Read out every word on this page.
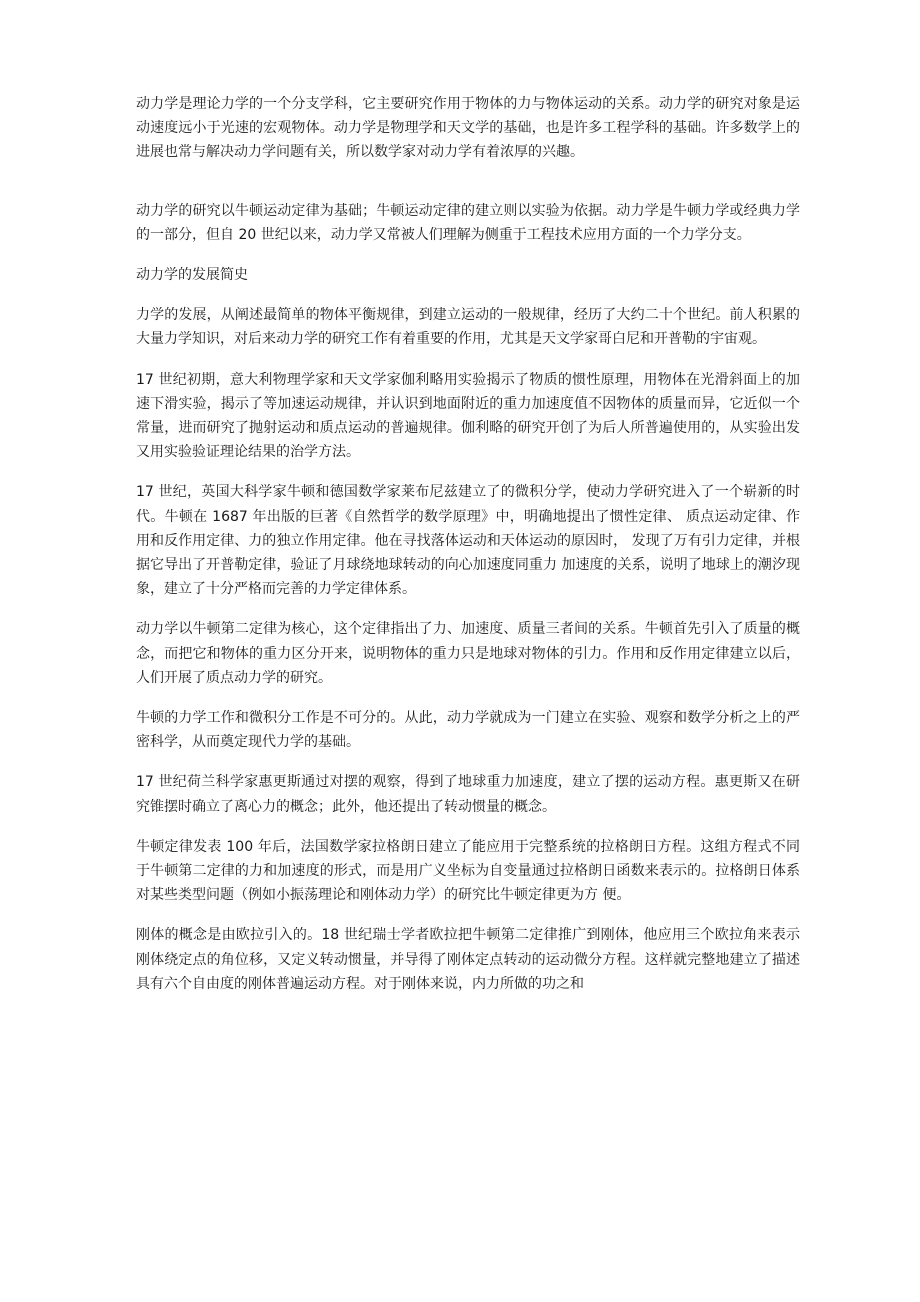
动力学是理论力学的一个分支学科，它主要研究作用于物体的力与物体运动的关系。动力学的研究对象是运动速度远小于光速的宏观物体。动力学是物理学和天文学的基础，也是许多工程学科的基础。许多数学上的进展也常与解决动力学问题有关，所以数学家对动力学有着浓厚的兴趣。

动力学的研究以牛顿运动定律为基础；牛顿运动定律的建立则以实验为依据。动力学是牛顿力学或经典力学的一部分，但自 20 世纪以来，动力学又常被人们理解为侧重于工程技术应用方面的一个力学分支。

动力学的发展简史

力学的发展，从阐述最简单的物体平衡规律，到建立运动的一般规律，经历了大约二十个世纪。前人积累的大量力学知识，对后来动力学的研究工作有着重要的作用，尤其是天文学家哥白尼和开普勒的宇宙观。

17 世纪初期，意大利物理学家和天文学家伽利略用实验揭示了物质的惯性原理，用物体在光滑斜面上的加速下滑实验，揭示了等加速运动规律，并认识到地面附近的重力加速度值不因物体的质量而异，它近似一个常量，进而研究了抛射运动和质点运动的普遍规律。伽利略的研究开创了为后人所普遍使用的，从实验出发又用实验验证理论结果的治学方法。

17 世纪，英国大科学家牛顿和德国数学家莱布尼兹建立了的微积分学，使动力学研究进入了一个崭新的时代。牛顿在 1687 年出版的巨著《自然哲学的数学原理》中，明确地提出了惯性定律、 质点运动定律、作用和反作用定律、力的独立作用定律。他在寻找落体运动和天体运动的原因时， 发现了万有引力定律，并根据它导出了开普勒定律，验证了月球绕地球转动的向心加速度同重力 加速度的关系，说明了地球上的潮汐现象，建立了十分严格而完善的力学定律体系。

动力学以牛顿第二定律为核心，这个定律指出了力、加速度、质量三者间的关系。牛顿首先引入了质量的概念，而把它和物体的重力区分开来，说明物体的重力只是地球对物体的引力。作用和反作用定律建立以后，人们开展了质点动力学的研究。

牛顿的力学工作和微积分工作是不可分的。从此，动力学就成为一门建立在实验、观察和数学分析之上的严密科学，从而奠定现代力学的基础。

17 世纪荷兰科学家惠更斯通过对摆的观察，得到了地球重力加速度，建立了摆的运动方程。惠更斯又在研究锥摆时确立了离心力的概念；此外，他还提出了转动惯量的概念。

牛顿定律发表 100 年后，法国数学家拉格朗日建立了能应用于完整系统的拉格朗日方程。这组方程式不同于牛顿第二定律的力和加速度的形式，而是用广义坐标为自变量通过拉格朗日函数来表示的。拉格朗日体系对某些类型问题（例如小振荡理论和刚体动力学）的研究比牛顿定律更为方 便。

刚体的概念是由欧拉引入的。18 世纪瑞士学者欧拉把牛顿第二定律推广到刚体，他应用三个欧拉角来表示刚体绕定点的角位移，又定义转动惯量，并导得了刚体定点转动的运动微分方程。这样就完整地建立了描述具有六个自由度的刚体普遍运动方程。对于刚体来说，内力所做的功之和
